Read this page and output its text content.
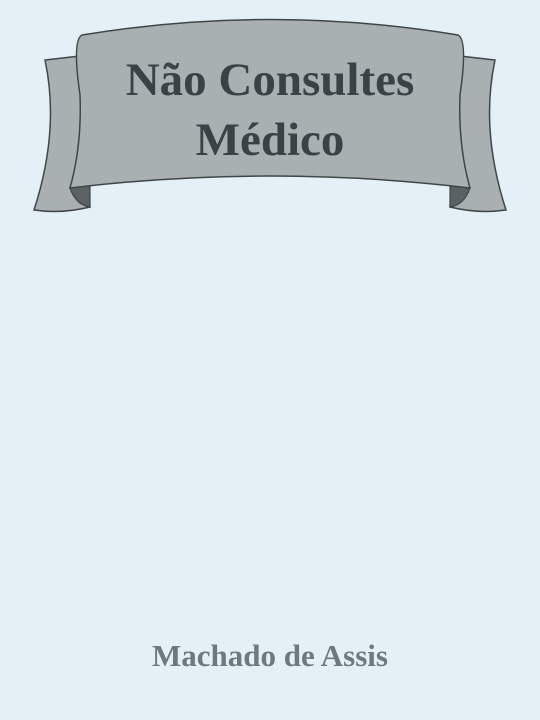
Não Consultes
Médico
Machado de Assis
